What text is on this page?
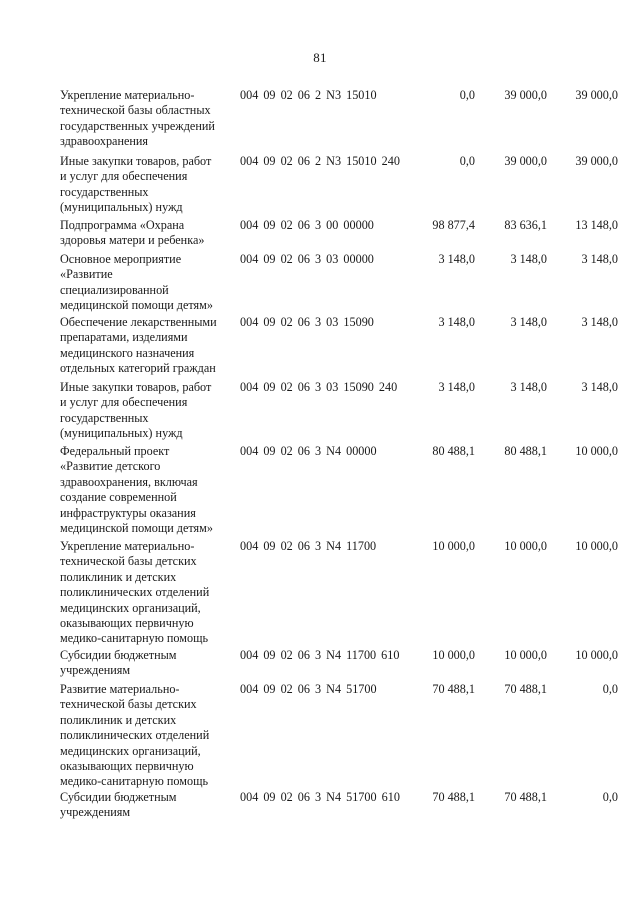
81
Укрепление материально-
технической базы областных
государственных учреждений
здравоохранения
004 09 02 06 2 N3 15010	0,0	39 000,0	39 000,0
Иные закупки товаров, работ
и услуг для обеспечения
государственных
(муниципальных) нужд
004 09 02 06 2 N3 15010 240	0,0	39 000,0	39 000,0
Подпрограмма «Охрана
здоровья матери и ребенка»
004 09 02 06 3 00 00000	98 877,4	83 636,1	13 148,0
Основное мероприятие
«Развитие
специализированной
медицинской помощи детям»
004 09 02 06 3 03 00000	3 148,0	3 148,0	3 148,0
Обеспечение лекарственными
препаратами, изделиями
медицинского назначения
отдельных категорий граждан
004 09 02 06 3 03 15090	3 148,0	3 148,0	3 148,0
Иные закупки товаров, работ
и услуг для обеспечения
государственных
(муниципальных) нужд
004 09 02 06 3 03 15090 240	3 148,0	3 148,0	3 148,0
Федеральный проект
«Развитие детского
здравоохранения, включая
создание современной
инфраструктуры оказания
медицинской помощи детям»
004 09 02 06 3 N4 00000	80 488,1	80 488,1	10 000,0
Укрепление материально-
технической базы детских
поликлиник и детских
поликлинических отделений
медицинских организаций,
оказывающих первичную
медико-санитарную помощь
004 09 02 06 3 N4 11700	10 000,0	10 000,0	10 000,0
Субсидии бюджетным
учреждениям
004 09 02 06 3 N4 11700 610	10 000,0	10 000,0	10 000,0
Развитие материально-
технической базы детских
поликлиник и детских
поликлинических отделений
медицинских организаций,
оказывающих первичную
медико-санитарную помощь
004 09 02 06 3 N4 51700	70 488,1	70 488,1	0,0
Субсидии бюджетным
учреждениям
004 09 02 06 3 N4 51700 610	70 488,1	70 488,1	0,0
